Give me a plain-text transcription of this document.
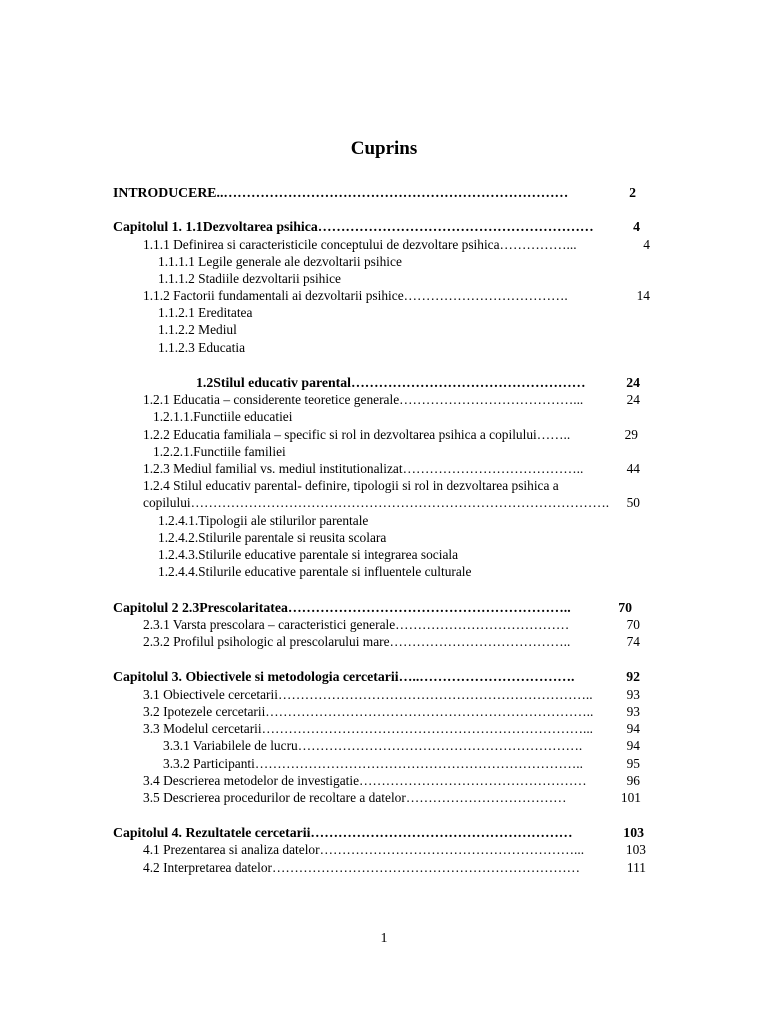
Cuprins
2
INTRODUCERE..…………………………………………………………………
4
Capitolul 1. 1.1Dezvoltarea psihica……………………………………………………
4
1.1.1 Definirea si caracteristicile conceptului de dezvoltare psihica……………...
1.1.1.1 Legile generale ale dezvoltarii psihice
1.1.1.2 Stadiile dezvoltarii psihice
14
1.1.2 Factorii fundamentali ai dezvoltarii psihice……………………………….
1.1.2.1 Ereditatea
1.1.2.2 Mediul
1.1.2.3 Educatia
24
1.2Stilul educativ parental……………………………………………
24
1.2.1 Educatia – considerente teoretice generale…………………………………...
1.2.1.1.Functiile educatiei
29
1.2.2 Educatia familiala – specific si rol in dezvoltarea psihica a copilului……..
1.2.2.1.Functiile familiei
44
1.2.3 Mediul familial vs. mediul institutionalizat…………………………………..
1.2.4 Stilul educativ parental- definire, tipologii si rol in dezvoltarea psihica a
50
copilului………………………………………………………………………………….
1.2.4.1.Tipologii ale stilurilor parentale
1.2.4.2.Stilurile parentale si reusita scolara
1.2.4.3.Stilurile educative parentale si integrarea sociala
1.2.4.4.Stilurile educative parentale si influentele culturale
70
Capitolul 2 2.3Prescolaritatea……………………………………………………..
70
2.3.1 Varsta prescolara – caracteristici generale…………………………………
74
2.3.2 Profilul psihologic al prescolarului mare…………………………………..
92
Capitolul 3. Obiectivele si metodologia cercetarii…..…………………………….
93
3.1 Obiectivele cercetarii……………………………………………………………..
93
3.2 Ipotezele cercetarii………………………………………………………………..
94
3.3 Modelul cercetarii………………………………………………………………...
94
3.3.1 Variabilele de lucru……………………………………………………….
95
3.3.2 Participanti………………………………………………………………..
96
3.4 Descrierea metodelor de investigatie……………………………………………
101
3.5 Descrierea procedurilor de recoltare a datelor………………………………
103
Capitolul 4. Rezultatele cercetarii…………………………………………………
103
4.1 Prezentarea si analiza datelor…………………………………………………...
111
4.2 Interpretarea datelor……………………………………………………………
1
